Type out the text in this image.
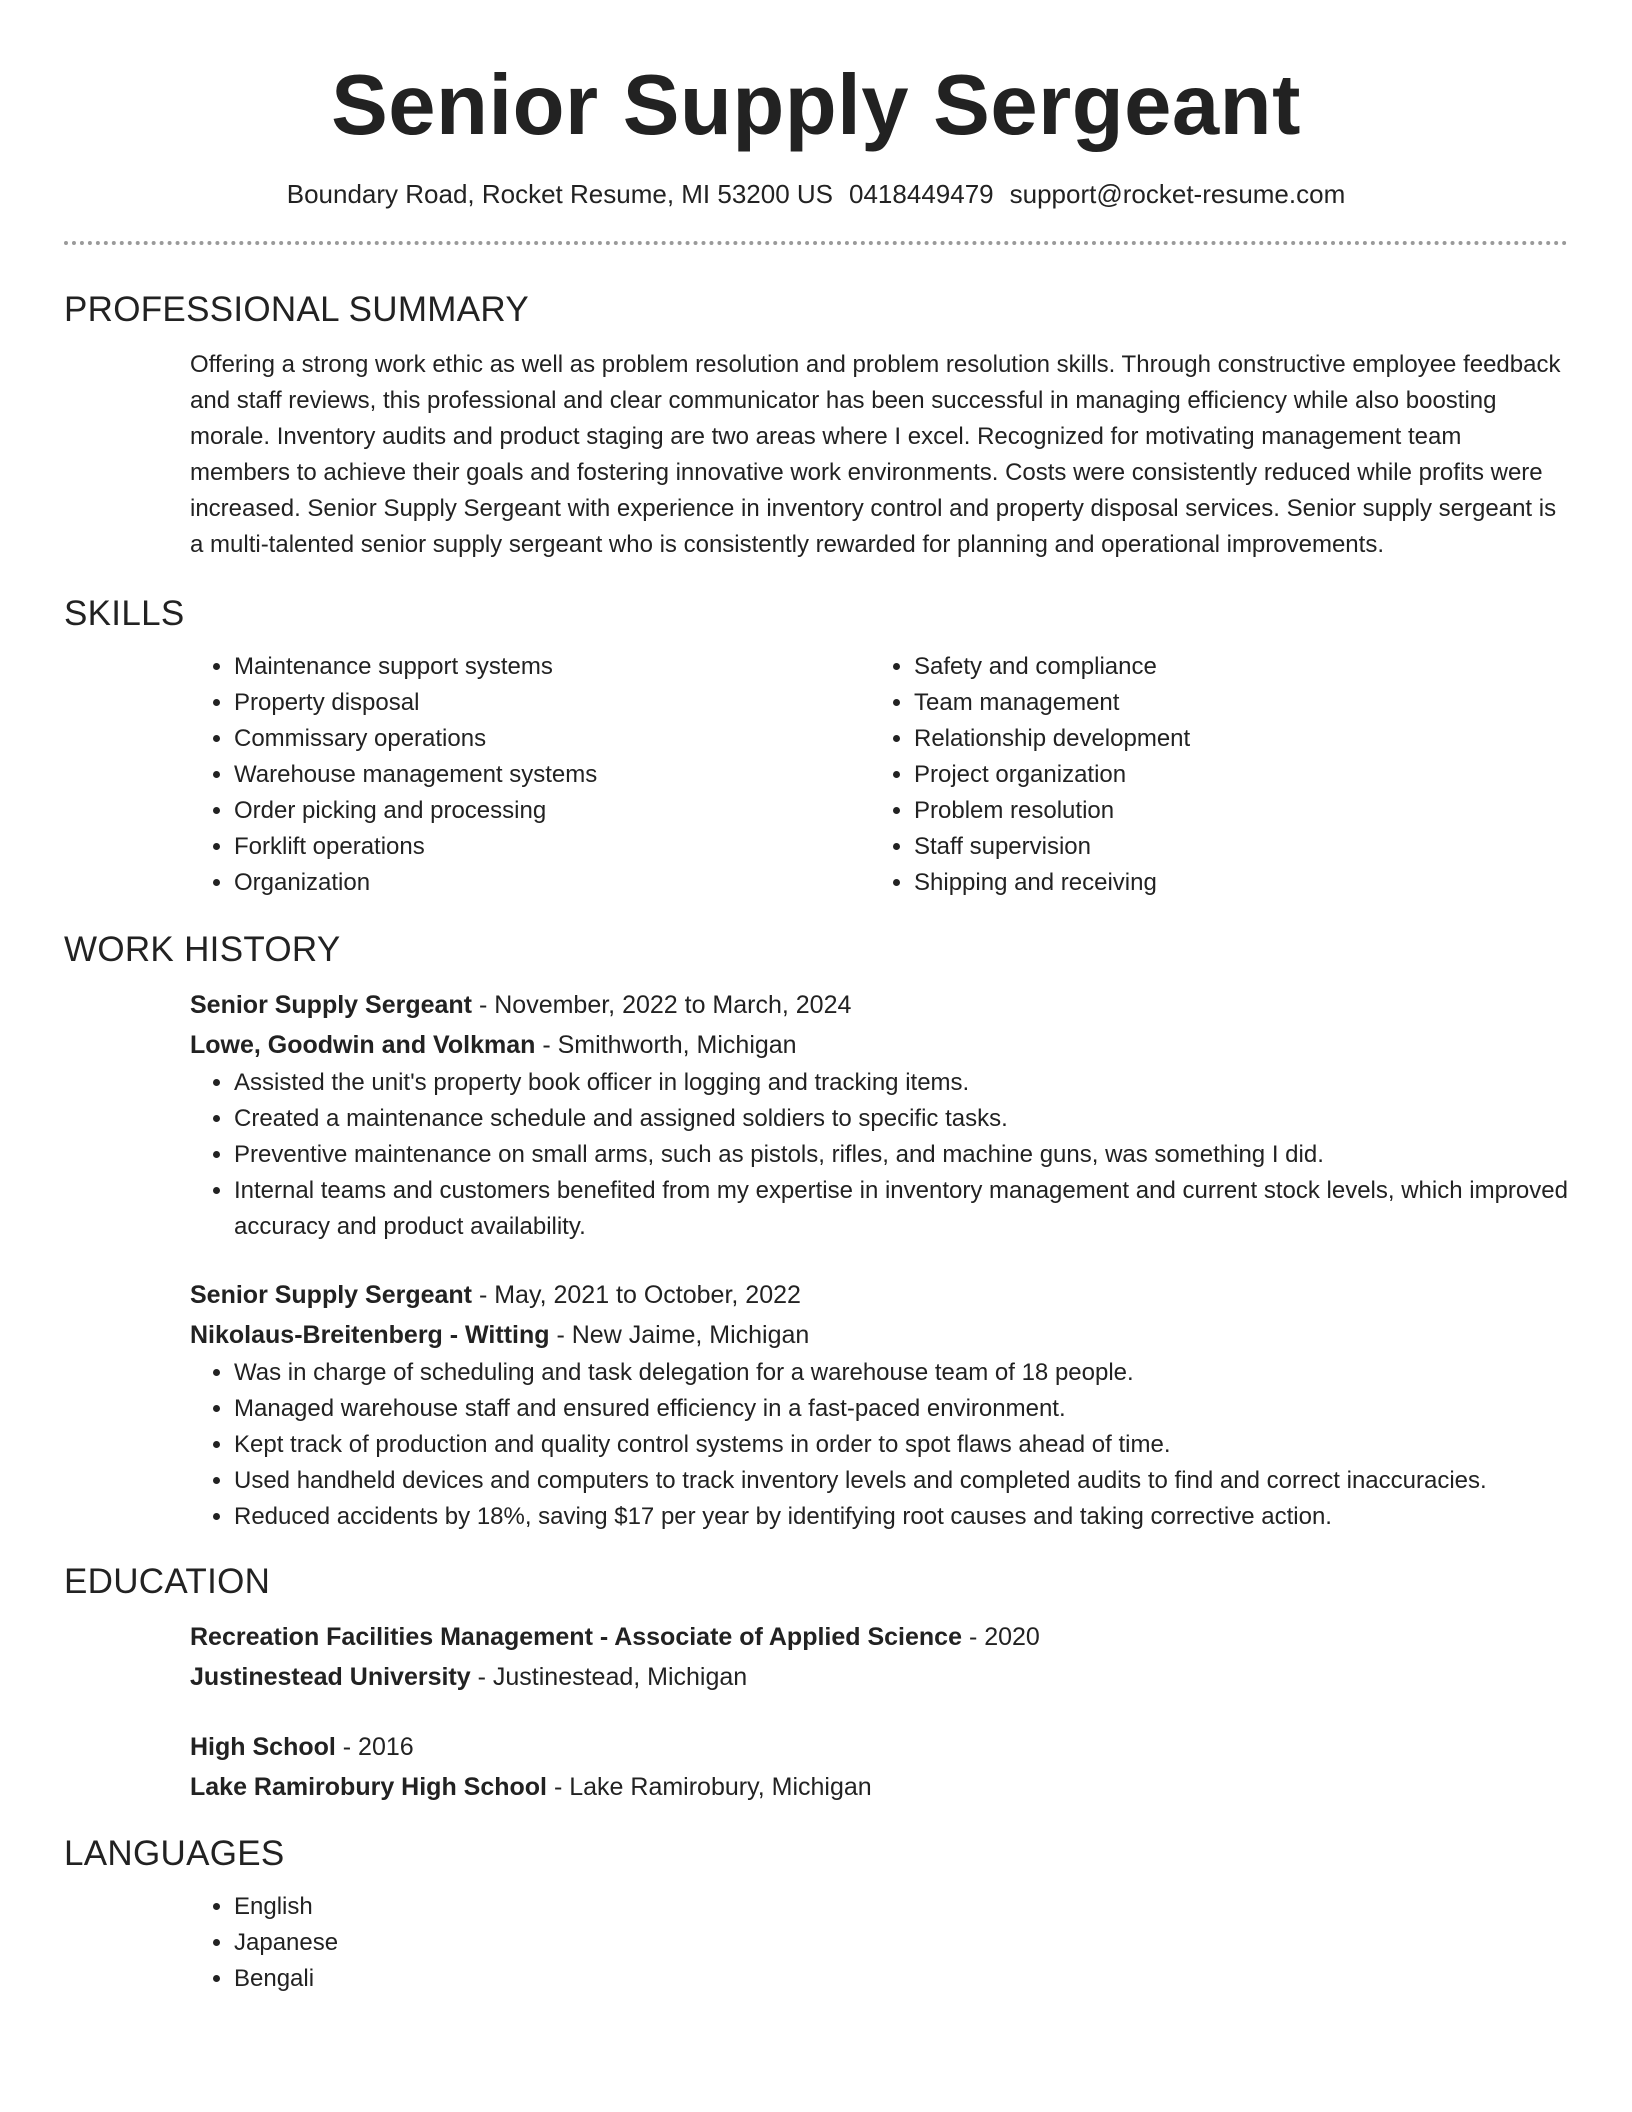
Senior Supply Sergeant
Boundary Road, Rocket Resume, MI 53200 US 0418449479 support@rocket-resume.com
PROFESSIONAL SUMMARY

Offering a strong work ethic as well as problem resolution and problem resolution skills. Through constructive employee feedback and staff reviews, this professional and clear communicator has been successful in managing efficiency while also boosting morale. Inventory audits and product staging are two areas where I excel. Recognized for motivating management team members to achieve their goals and fostering innovative work environments. Costs were consistently reduced while profits were increased. Senior Supply Sergeant with experience in inventory control and property disposal services. Senior supply sergeant is a multi-talented senior supply sergeant who is consistently rewarded for planning and operational improvements.

SKILLS
• Maintenance support systems
• Property disposal
• Commissary operations
• Warehouse management systems
• Order picking and processing
• Forklift operations
• Organization
• Safety and compliance
• Team management
• Relationship development
• Project organization
• Problem resolution
• Staff supervision
• Shipping and receiving
WORK HISTORY
Senior Supply Sergeant - November, 2022 to March, 2024
Lowe, Goodwin and Volkman - Smithworth, Michigan
• Assisted the unit's property book officer in logging and tracking items.
• Created a maintenance schedule and assigned soldiers to specific tasks.
• Preventive maintenance on small arms, such as pistols, rifles, and machine guns, was something I did.
• Internal teams and customers benefited from my expertise in inventory management and current stock levels, which improved accuracy and product availability.
Senior Supply Sergeant - May, 2021 to October, 2022
Nikolaus-Breitenberg - Witting - New Jaime, Michigan
• Was in charge of scheduling and task delegation for a warehouse team of 18 people.
• Managed warehouse staff and ensured efficiency in a fast-paced environment.
• Kept track of production and quality control systems in order to spot flaws ahead of time.
• Used handheld devices and computers to track inventory levels and completed audits to find and correct inaccuracies.
• Reduced accidents by 18%, saving $17 per year by identifying root causes and taking corrective action.
EDUCATION
Recreation Facilities Management - Associate of Applied Science - 2020
Justinestead University - Justinestead, Michigan
High School - 2016
Lake Ramirobury High School - Lake Ramirobury, Michigan
LANGUAGES
• English
• Japanese
• Bengali
